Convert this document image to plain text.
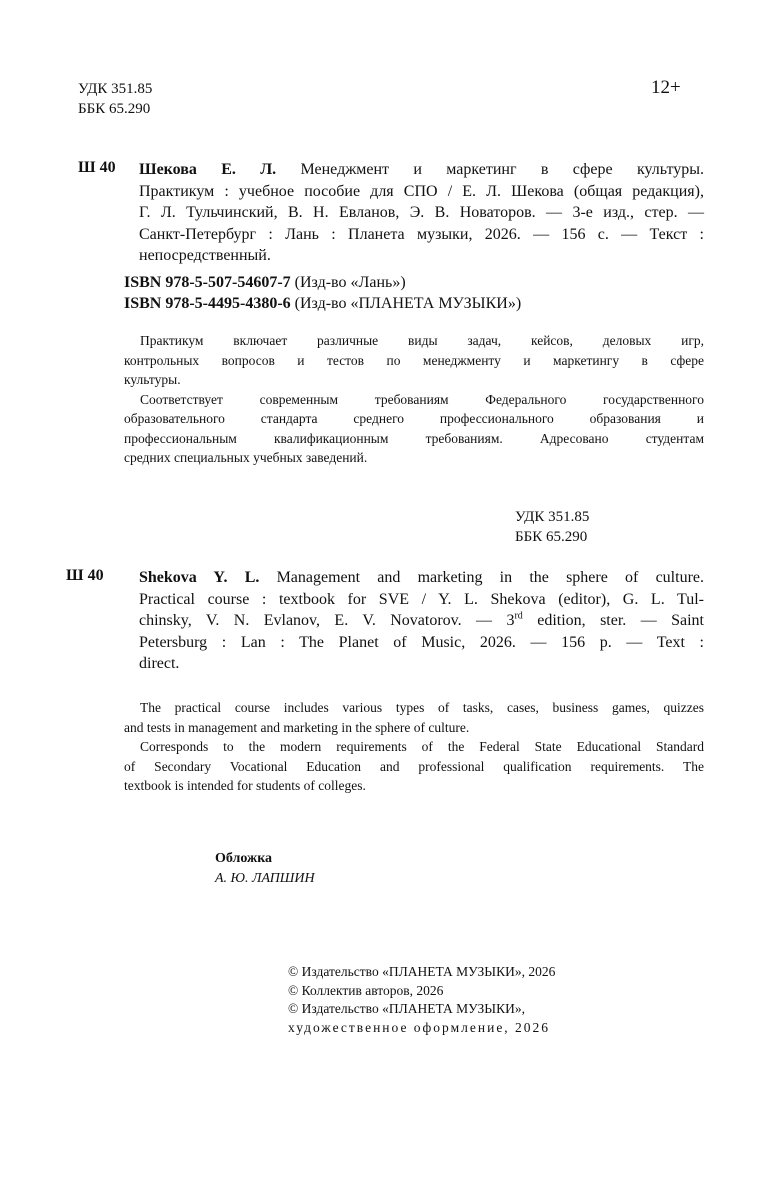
УДК 351.85
ББК 65.290
12+
Ш 40 Шекова Е. Л. Менеджмент и маркетинг в сфере культуры.
Практикум : учебное пособие для СПО / Е. Л. Шекова (общая редакция),
Г. Л. Тульчинский, В. Н. Евланов, Э. В. Новаторов. — 3-е изд., стер. —
Санкт-Петербург : Лань : Планета музыки, 2026. — 156 с. — Текст :
непосредственный.
ISBN 978-5-507-54607-7 (Изд-во «Лань»)
ISBN 978-5-4495-4380-6 (Изд-во «ПЛАНЕТА МУЗЫКИ»)
Практикум включает различные виды задач, кейсов, деловых игр,
контрольных вопросов и тестов по менеджменту и маркетингу в сфере
культуры.
Соответствует современным требованиям Федерального государственного
образовательного стандарта среднего профессионального образования и
профессиональным квалификационным требованиям. Адресовано студентам
средних специальных учебных заведений.
УДК 351.85
ББК 65.290
Ш 40 Shekova Y. L. Management and marketing in the sphere of culture.
Practical course : textbook for SVE / Y. L. Shekova (editor), G. L. Tul-
chinsky, V. N. Evlanov, E. V. Novatorov. — 3rd edition, ster. — Saint
Petersburg : Lan : The Planet of Music, 2026. — 156 p. — Text :
direct.
The practical course includes various types of tasks, cases, business games, quizzes
and tests in management and marketing in the sphere of culture.
Corresponds to the modern requirements of the Federal State Educational Standard
of Secondary Vocational Education and professional qualification requirements. The
textbook is intended for students of colleges.
Обложка
А. Ю. ЛАПШИН
© Издательство «ПЛАНЕТА МУЗЫКИ», 2026
© Коллектив авторов, 2026
© Издательство «ПЛАНЕТА МУЗЫКИ»,
художественное оформление, 2026
